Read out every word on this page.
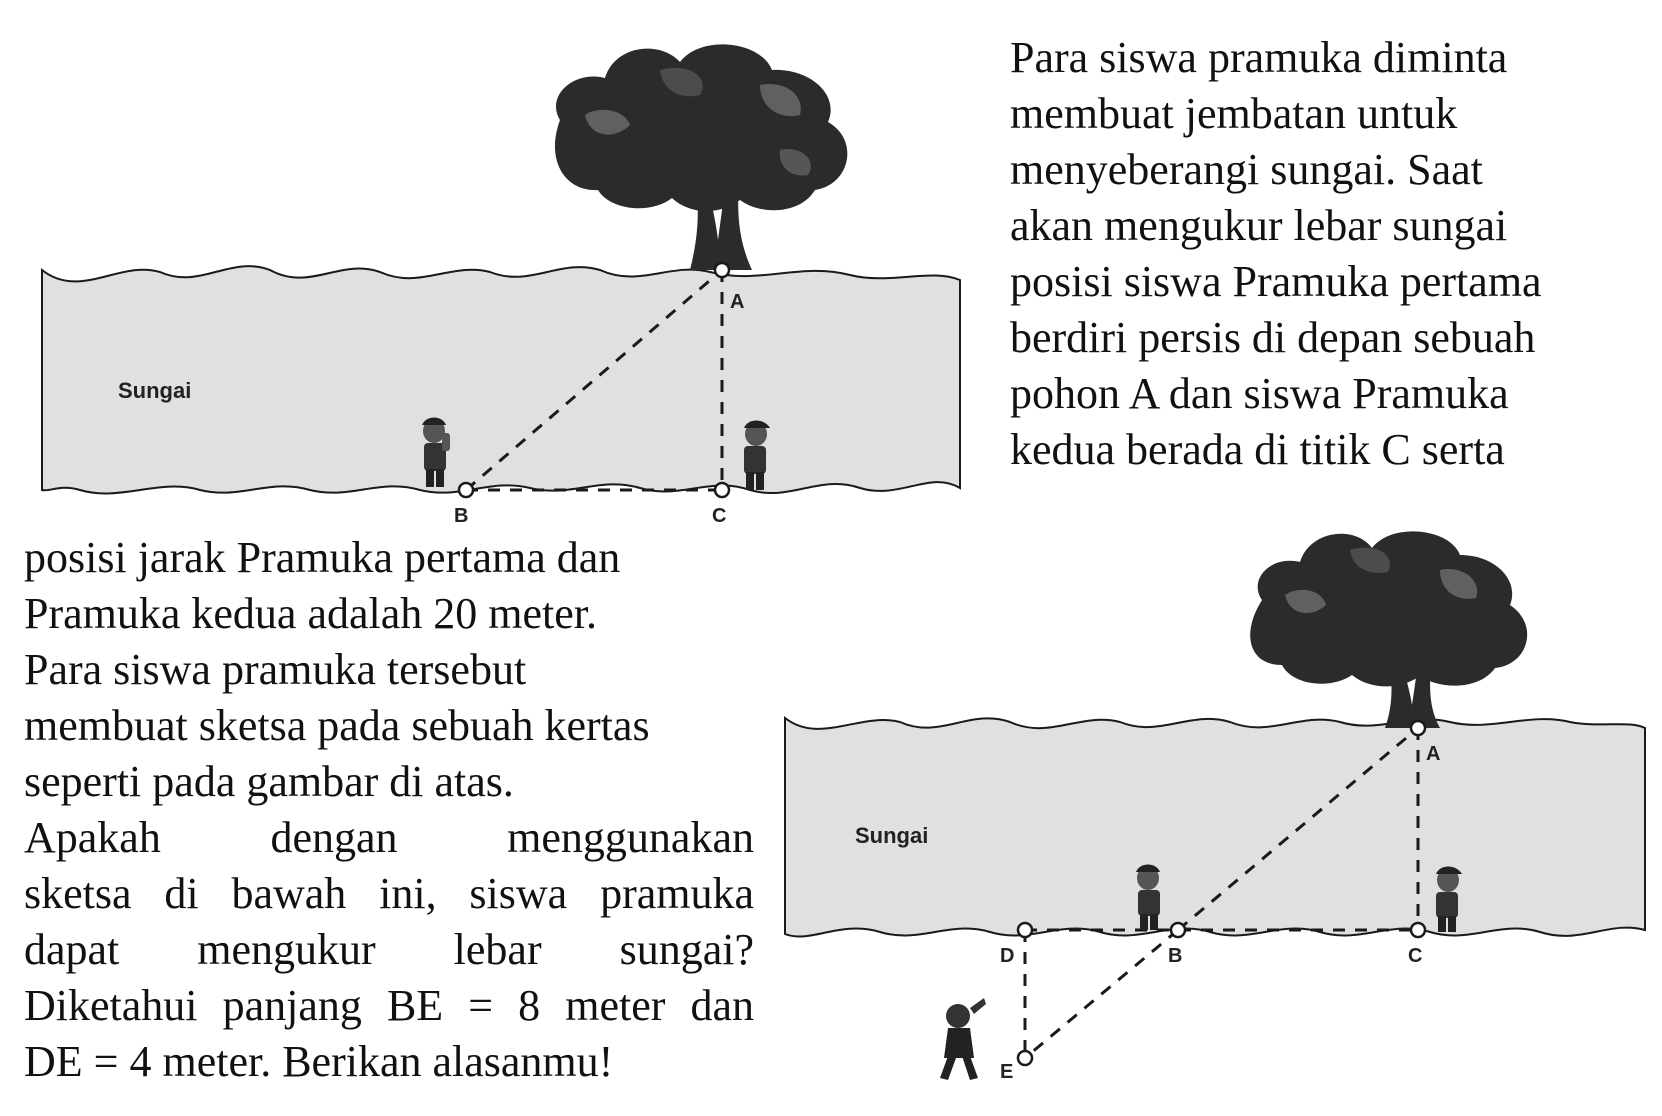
Sungai
A
B	C
Sungai
A
B	C
D
E
Para siswa pramuka diminta
membuat jembatan untuk
menyeberangi sungai. Saat
akan mengukur lebar sungai
posisi siswa Pramuka pertama
berdiri persis di depan sebuah
pohon A dan siswa Pramuka
kedua berada di titik C serta
posisi jarak Pramuka pertama dan
Pramuka kedua adalah 20 meter.
Para siswa pramuka tersebut
membuat sketsa pada sebuah kertas
seperti pada gambar di atas.
Apakah dengan menggunakan
sketsa di bawah ini, siswa pramuka
dapat mengukur lebar sungai?
Diketahui panjang BE = 8 meter dan
DE = 4 meter. Berikan alasanmu!
